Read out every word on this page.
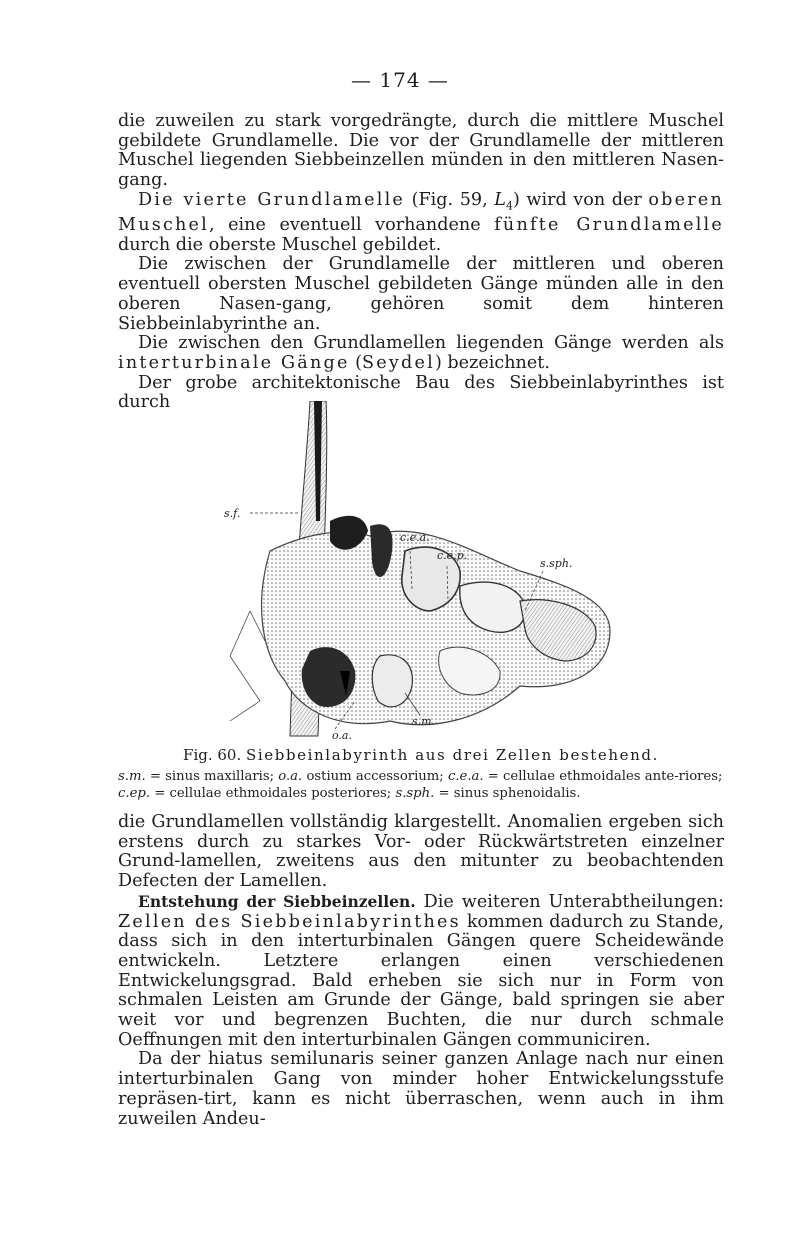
— 174 —

die zuweilen zu stark vorgedrängte, durch die mittlere Muschel gebildete Grundlamelle. Die vor der Grundlamelle der mittleren Muschel liegenden Siebbeinzellen münden in den mittleren Nasen-gang.

Die vierte Grundlamelle (Fig. 59, $L_4$) wird von der oberen Muschel, eine eventuell vorhandene fünfte Grundlamelle durch die oberste Muschel gebildet.

Die zwischen der Grundlamelle der mittleren und oberen eventuell obersten Muschel gebildeten Gänge münden alle in den oberen Nasen-gang, gehören somit dem hinteren Siebbeinlabyrinthe an.

Die zwischen den Grundlamellen liegenden Gänge werden als interturbinale Gänge (Seydel) bezeichnet.

Der grobe architektonische Bau des Siebbeinlabyrinthes ist durch

s.f.
c.e.a.
c.e.p.
s.sph.
s.m.
o.a.
Fig. 60. Siebbeinlabyrinth aus drei Zellen bestehend.
s.m. = sinus maxillaris; o.a. ostium accessorium; c.e.a. = cellulae ethmoidales ante-riores; c.ep. = cellulae ethmoidales posteriores; s.sph. = sinus sphenoidalis.

die Grundlamellen vollständig klargestellt. Anomalien ergeben sich erstens durch zu starkes Vor- oder Rückwärtstreten einzelner Grund-lamellen, zweitens aus den mitunter zu beobachtenden Defecten der Lamellen.

Entstehung der Siebbeinzellen. Die weiteren Unterabtheilungen: Zellen des Siebbeinlabyrinthes kommen dadurch zu Stande, dass sich in den interturbinalen Gängen quere Scheidewände entwickeln. Letztere erlangen einen verschiedenen Entwickelungsgrad. Bald erheben sie sich nur in Form von schmalen Leisten am Grunde der Gänge, bald springen sie aber weit vor und begrenzen Buchten, die nur durch schmale Oeffnungen mit den interturbinalen Gängen communiciren.

Da der hiatus semilunaris seiner ganzen Anlage nach nur einen interturbinalen Gang von minder hoher Entwickelungsstufe repräsen-tirt, kann es nicht überraschen, wenn auch in ihm zuweilen Andeu-
